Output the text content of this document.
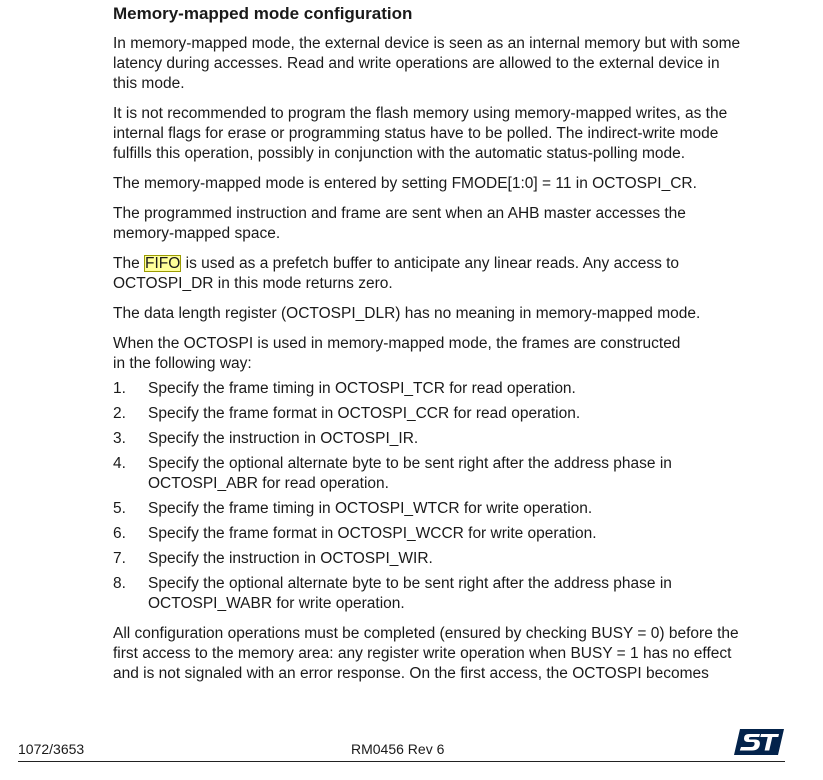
Memory-mapped mode configuration

In memory-mapped mode, the external device is seen as an internal memory but with some
latency during accesses. Read and write operations are allowed to the external device in
this mode.

It is not recommended to program the flash memory using memory-mapped writes, as the
internal flags for erase or programming status have to be polled. The indirect-write mode
fulfills this operation, possibly in conjunction with the automatic status-polling mode.

The memory-mapped mode is entered by setting FMODE[1:0] = 11 in OCTOSPI_CR.

The programmed instruction and frame are sent when an AHB master accesses the
memory-mapped space.

The FIFO is used as a prefetch buffer to anticipate any linear reads. Any access to
OCTOSPI_DR in this mode returns zero.

The data length register (OCTOSPI_DLR) has no meaning in memory-mapped mode.

When the OCTOSPI is used in memory-mapped mode, the frames are constructed
in the following way:

1. Specify the frame timing in OCTOSPI_TCR for read operation.
2. Specify the frame format in OCTOSPI_CCR for read operation.
3. Specify the instruction in OCTOSPI_IR.
4. Specify the optional alternate byte to be sent right after the address phase in
OCTOSPI_ABR for read operation.
5. Specify the frame timing in OCTOSPI_WTCR for write operation.
6. Specify the frame format in OCTOSPI_WCCR for write operation.
7. Specify the instruction in OCTOSPI_WIR.
8. Specify the optional alternate byte to be sent right after the address phase in
OCTOSPI_WABR for write operation.

All configuration operations must be completed (ensured by checking BUSY = 0) before the
first access to the memory area: any register write operation when BUSY = 1 has no effect
and is not signaled with an error response. On the first access, the OCTOSPI becomes

1072/3653	RM0456 Rev 6
